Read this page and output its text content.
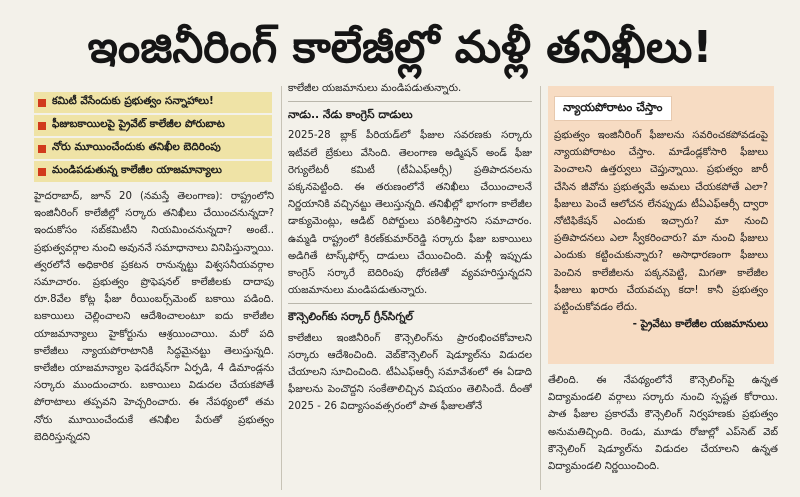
ఇంజినీరింగ్ కాలేజీల్లో మళ్లీ తనిఖీలు!
కమిటీ వేసేందుకు ప్రభుత్వం సన్నాహాలు!
ఫీజుబకాయిలపై ప్రైవేట్ కాలేజీల పోరుబాట
నోరు మూయించేందుకు తనిఖీల బెదిరింపు
మండిపడుతున్న కాలేజీల యాజమాన్యాలు

హైదరాబాద్, జూన్ 20 (నమస్తే తెలంగాణ): రాష్ట్రంలోని ఇంజినీరింగ్ కాలేజీల్లో సర్కారు తనిఖీలు చేయించనున్నదా? ఇందుకోసం సబ్‌కమిటీని నియమించనున్నదా? అంటే.. ప్రభుత్వవర్గాల నుంచి అవుననే సమాధానాలు వినిపిస్తున్నాయి. త్వరలోనే అధికారిక ప్రకటన రానున్నట్టు విశ్వసనీయవర్గాల సమాచారం. ప్రభుత్వం ప్రొఫెషనల్ కాలేజీలకు దాదాపు రూ.8వేల కోట్ల ఫీజు రీయింబర్స్‌మెంట్ బకాయి పడింది. బకాయిలు చెల్లించాలని ఆదేశించాలంటూ ఐదు కాలేజీల యాజమాన్యాలు హైకోర్టును ఆశ్రయించాయి. మరో పది కాలేజీలు న్యాయపోరాటానికి సిద్ధమైనట్టు తెలుస్తున్నది. కాలేజీల యాజమాన్యాల ఫెడరేషన్‌గా ఏర్పడి, 4 డిమాండ్లను సర్కారు ముందుంచారు. బకాయిలు విడుదల చేయకపోతే పోరాటాలు తప్పవని హెచ్చరించారు. ఈ నేపథ్యంలో తమ నోరు మూయించేందుకే తనిఖీల పేరుతో ప్రభుత్వం బెదిరిస్తున్నదని

కాలేజీల యజమానులు మండిపడుతున్నారు.

నాడు.. నేడు కాంగ్రెస్ దాడులు

2025-28 బ్లాక్ పీరియడ్‌లో ఫీజుల సవరణకు సర్కారు ఇటీవలే బ్రేకులు వేసింది. తెలంగాణ అడ్మిషన్ అండ్ ఫీజు రెగ్యులేటరీ కమిటీ (టీఏఎఫ్‌ఆర్సీ) ప్రతిపాదనలను పక్కనపెట్టింది. ఈ తరుణంలోనే తనిఖీలు చేయించాలనే నిర్ణయానికి వచ్చినట్టు తెలుస్తున్నది. తనిఖీల్లో భాగంగా కాలేజీల డాక్యుమెంట్లు, ఆడిట్ రిపోర్టులు పరిశీలిస్తారని సమాచారం. ఉమ్మడి రాష్ట్రంలో కిరణ్‌కుమార్‌రెడ్డి సర్కారు ఫీజు బకాయిలు అడిగితే టాస్క్‌ఫోర్స్ దాడులు చేయించింది. మళ్లీ ఇప్పుడు కాంగ్రెస్ సర్కారే బెదిరింపు ధోరణితో వ్యవహరిస్తున్నదని యజమానులు మండిపడుతున్నారు.

కౌన్సెలింగ్‌కు సర్కార్ గ్రీన్‌సిగ్నల్

కాలేజీలు ఇంజినీరింగ్ కౌన్సెలింగ్‌ను ప్రారంభించకోవాలని సర్కారు ఆదేశించింది. వెబ్‌కౌన్సెలింగ్ షెడ్యూల్‌ను విడుదల చేయాలని సూచించింది. టీఏఎఫ్‌ఆర్సీ సమావేశంలో ఈ ఏడాది ఫీజులను పెంచొద్దని సంకేతాలిచ్చిన విషయం తెలిసిందే. దీంతో 2025 - 26 విద్యాసంవత్సరంలో పాత ఫీజులతోనే

న్యాయపోరాటం చేస్తాం
ప్రభుత్వం ఇంజినీరింగ్ ఫీజులను సవరించకపోవడంపై న్యాయపోరాటం చేస్తాం. మాడేండ్లకోసారి ఫీజులు పెంచాలని ఉత్తర్వులు చెప్తున్నాయి. ప్రభుత్వం జారీ చేసిన జీవోను ప్రభుత్వమే అమలు చేయకపోతే ఎలా? ఫీజులు పెంచే ఆలోచన లేనప్పుడు టీఏఎఫ్‌ఆర్సీ ద్వారా నోటిఫికేషన్ ఎందుకు ఇచ్చారు? మా నుంచి ప్రతిపాదనలు ఎలా స్వీకరించారు? మా నుంచి ఫీజులు ఎందుకు కట్టించుకున్నారు? అసాధారణంగా ఫీజులు పెంచిన కాలేజీలను పక్కనపెట్టి, మిగతా కాలేజీల ఫీజులు ఖరారు చేయవచ్చు కదా! కానీ ప్రభుత్వం పట్టించుకోవడం లేదు.
- ప్రైవేటు కాలేజీల యజమానులు
తేలింది. ఈ నేపథ్యంలోనే కౌన్సెలింగ్‌పై ఉన్నత విద్యామండలి వర్గాలు సర్కారు నుంచి స్పష్టత కోరాయి. పాత ఫీజుల ప్రకారమే కౌన్సెలింగ్ నిర్వహణకు ప్రభుత్వం అనుమతిచ్చింది. రెండు, మూడు రోజుల్లో ఎప్‌సెట్ వెబ్ కౌన్సెలింగ్ షెడ్యూల్‌ను విడుదల చేయాలని ఉన్నత విద్యామండలి నిర్ణయించింది.
